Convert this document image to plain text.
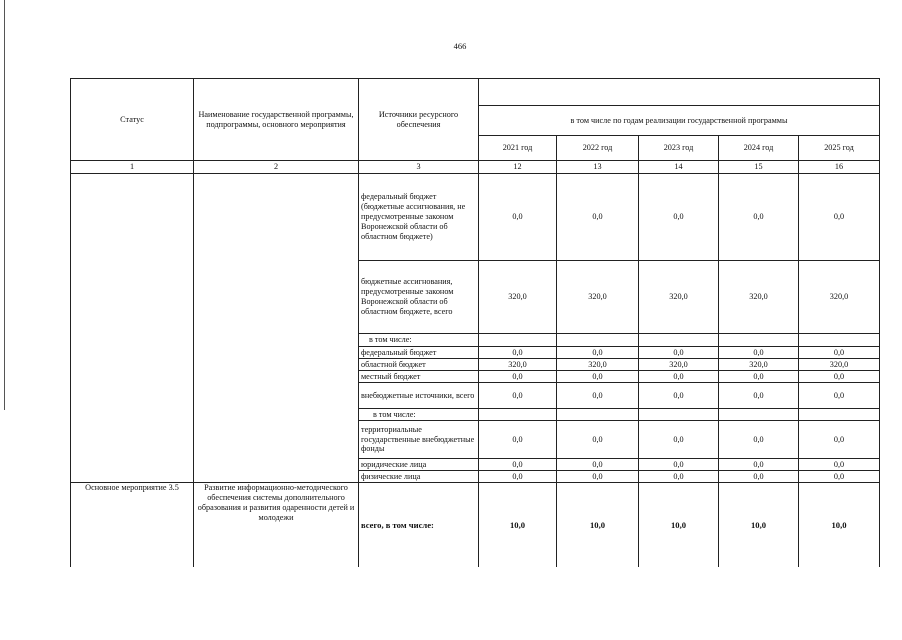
466
Статус	Наименование государственной программы, подпрограммы, основного мероприятия	Источники ресурсного обеспечения					
			в том числе по годам реализации государственной программы				
			2021 год	2022 год	2023 год	2024 год	2025 год
1	2	3	12	13	14	15	16
		федеральный бюджет (бюджетные ассигнования, не предусмотренные законом Воронежской области об областном бюджете)	0,0	0,0	0,0	0,0	0,0
		бюджетные ассигнования, предусмотренные законом Воронежской области об областном бюджете, всего	320,0	320,0	320,0	320,0	320,0
		в том числе:					
		федеральный бюджет	0,0	0,0	0,0	0,0	0,0
		областной бюджет	320,0	320,0	320,0	320,0	320,0
		местный бюджет	0,0	0,0	0,0	0,0	0,0
		внебюджетные источники, всего	0,0	0,0	0,0	0,0	0,0
		в том числе:					
		территориальные государственные внебюджетные фонды	0,0	0,0	0,0	0,0	0,0
		юридические лица	0,0	0,0	0,0	0,0	0,0
		физические лица	0,0	0,0	0,0	0,0	0,0
Основное мероприятие 3.5	Развитие информационно-методического обеспечения системы дополнительного образования и развития одаренности детей и молодежи	всего, в том числе:	10,0	10,0	10,0	10,0	10,0
